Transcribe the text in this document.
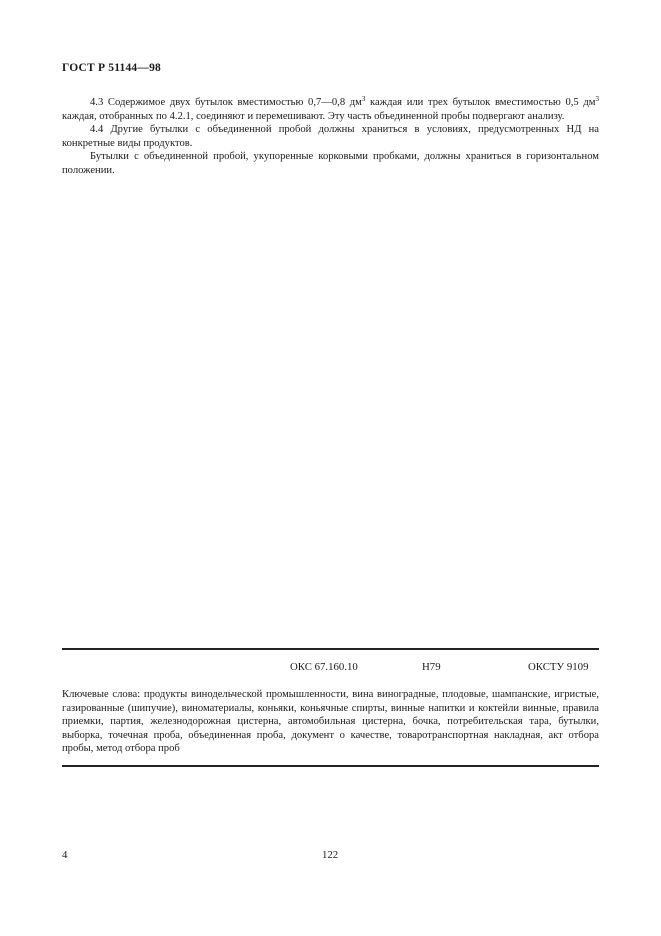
ГОСТ Р 51144—98

4.3 Содержимое двух бутылок вместимостью 0,7—0,8 $дм^3$ каждая или трех бутылок вместимостью 0,5 $дм^3$ каждая, отобранных по 4.2.1, соединяют и перемешивают. Эту часть объединенной пробы подвергают анализу.

4.4 Другие бутылки с объединенной пробой должны храниться в условиях, предусмотренных НД на конкретные виды продуктов.

Бутылки с объединенной пробой, укупоренные корковыми пробками, должны храниться в горизонтальном положении.

ОКС 67.160.10	Н79	ОКСТУ 9109
Ключевые слова: продукты винодельческой промышленности, вина виноградные, плодовые, шампанские, игристые, газированные (шипучие), виноматериалы, коньяки, коньячные спирты, винные напитки и коктейли винные, правила приемки, партия, железнодорожная цистерна, автомобильная цистерна, бочка, потребительская тара, бутылки, выборка, точечная проба, объединенная проба, документ о качестве, товаротранспортная накладная, акт отбора пробы, метод отбора проб
4	122
